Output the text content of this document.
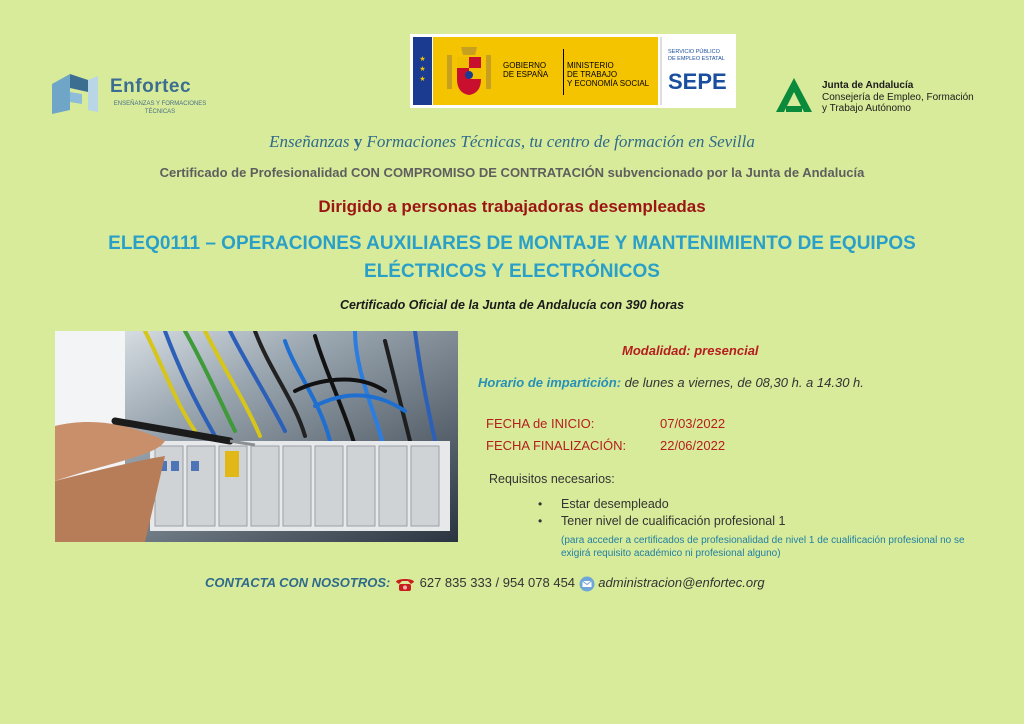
Enfortec
ENSEÑANZAS Y FORMACIONES TÉCNICAS
★
★
★
GOBIERNO
DE ESPAÑA
MINISTERIO
DE TRABAJO
Y ECONOMÍA SOCIAL
SERVICIO PÚBLICO
DE EMPLEO ESTATAL
SEPE	Junta de Andalucía
Consejería de Empleo, Formación
y Trabajo Autónomo
Enseñanzas y Formaciones Técnicas, tu centro de formación en Sevilla
Certificado de Profesionalidad CON COMPROMISO DE CONTRATACIÓN subvencionado por la Junta de Andalucía
Dirigido a personas trabajadoras desempleadas
ELEQ0111 – OPERACIONES AUXILIARES DE MONTAJE Y MANTENIMIENTO DE EQUIPOS
ELÉCTRICOS Y ELECTRÓNICOS
Certificado Oficial de la Junta de Andalucía con 390 horas
Modalidad: presencial
Horario de impartición: de lunes a viernes, de 08,30 h. a 14.30 h.
FECHA de INICIO:	07/03/2022
FECHA FINALIZACIÓN:	22/06/2022
Requisitos necesarios:
• Estar desempleado
• Tener nivel de cualificación profesional 1
(para acceder a certificados de profesionalidad de nivel 1 de cualificación profesional no se exigirá requisito académico ni profesional alguno)
CONTACTA CON NOSOTROS:  627 835 333 / 954 078 454  administracion@enfortec.org
